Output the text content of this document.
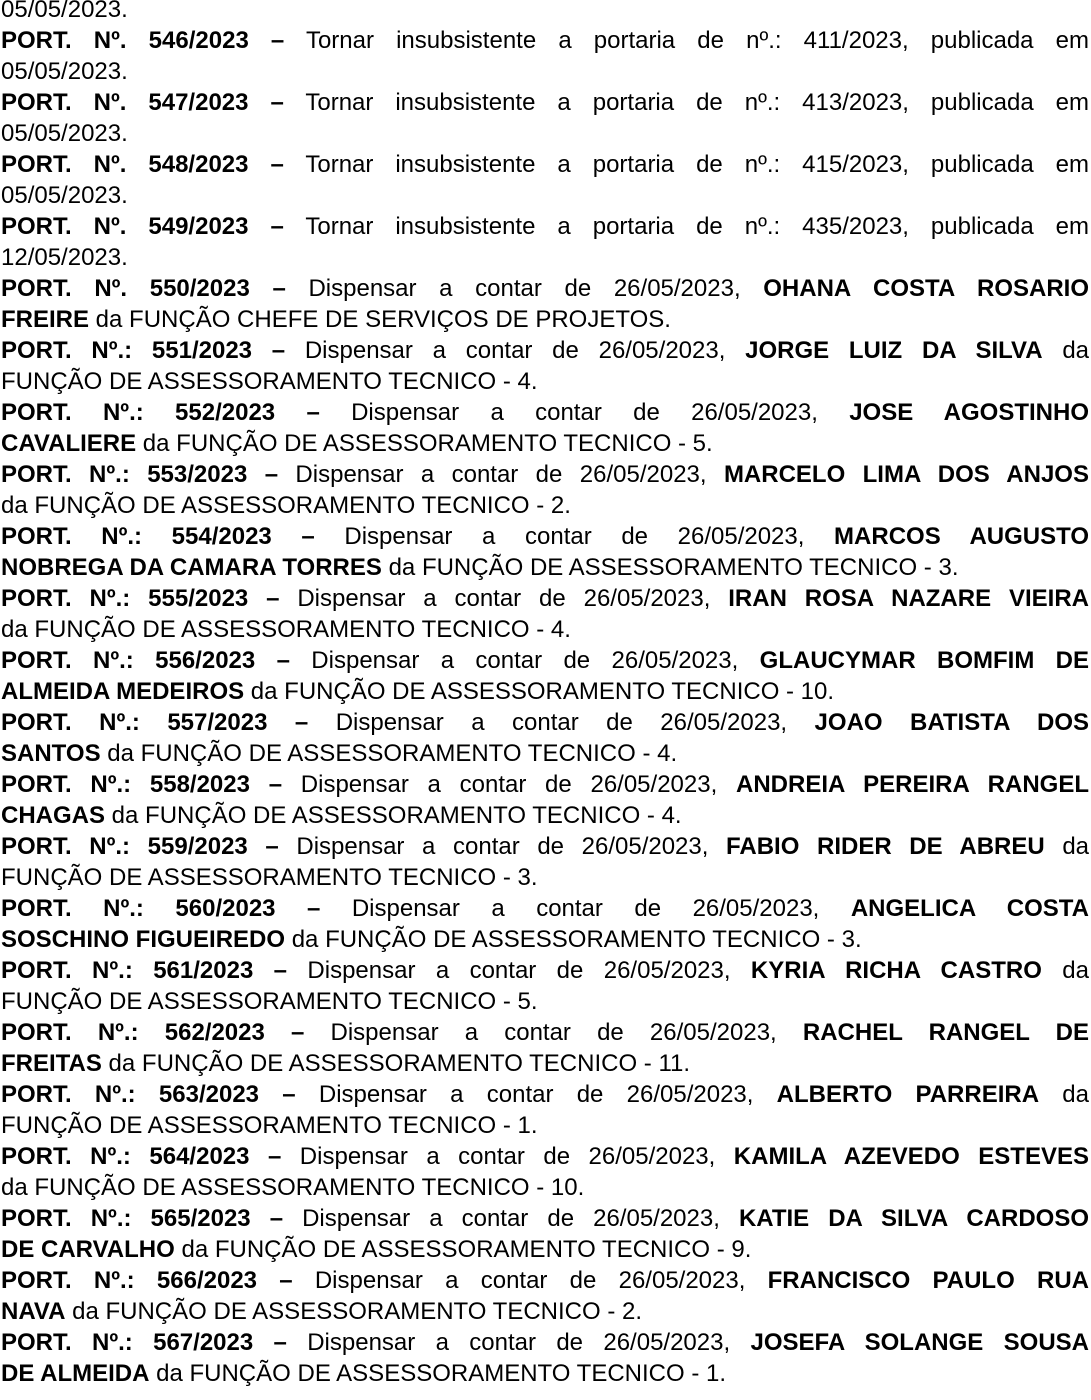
05/05/2023.
PORT. Nº. 546/2023 – Tornar insubsistente a portaria de nº.: 411/2023, publicada em
05/05/2023.
PORT. Nº. 547/2023 – Tornar insubsistente a portaria de nº.: 413/2023, publicada em
05/05/2023.
PORT. Nº. 548/2023 – Tornar insubsistente a portaria de nº.: 415/2023, publicada em
05/05/2023.
PORT. Nº. 549/2023 – Tornar insubsistente a portaria de nº.: 435/2023, publicada em
12/05/2023.
PORT. Nº. 550/2023 – Dispensar a contar de 26/05/2023, OHANA COSTA ROSARIO
FREIRE da FUNÇÃO CHEFE DE SERVIÇOS DE PROJETOS.
PORT. Nº.: 551/2023 – Dispensar a contar de 26/05/2023, JORGE LUIZ DA SILVA da
FUNÇÃO DE ASSESSORAMENTO TECNICO - 4.
PORT. Nº.: 552/2023 – Dispensar a contar de 26/05/2023, JOSE AGOSTINHO
CAVALIERE da FUNÇÃO DE ASSESSORAMENTO TECNICO - 5.
PORT. Nº.: 553/2023 – Dispensar a contar de 26/05/2023, MARCELO LIMA DOS ANJOS
da FUNÇÃO DE ASSESSORAMENTO TECNICO - 2.
PORT. Nº.: 554/2023 – Dispensar a contar de 26/05/2023, MARCOS AUGUSTO
NOBREGA DA CAMARA TORRES da FUNÇÃO DE ASSESSORAMENTO TECNICO - 3.
PORT. Nº.: 555/2023 – Dispensar a contar de 26/05/2023, IRAN ROSA NAZARE VIEIRA
da FUNÇÃO DE ASSESSORAMENTO TECNICO - 4.
PORT. Nº.: 556/2023 – Dispensar a contar de 26/05/2023, GLAUCYMAR BOMFIM DE
ALMEIDA MEDEIROS da FUNÇÃO DE ASSESSORAMENTO TECNICO - 10.
PORT. Nº.: 557/2023 – Dispensar a contar de 26/05/2023, JOAO BATISTA DOS
SANTOS da FUNÇÃO DE ASSESSORAMENTO TECNICO - 4.
PORT. Nº.: 558/2023 – Dispensar a contar de 26/05/2023, ANDREIA PEREIRA RANGEL
CHAGAS da FUNÇÃO DE ASSESSORAMENTO TECNICO - 4.
PORT. Nº.: 559/2023 – Dispensar a contar de 26/05/2023, FABIO RIDER DE ABREU da
FUNÇÃO DE ASSESSORAMENTO TECNICO - 3.
PORT. Nº.: 560/2023 – Dispensar a contar de 26/05/2023, ANGELICA COSTA
SOSCHINO FIGUEIREDO da FUNÇÃO DE ASSESSORAMENTO TECNICO - 3.
PORT. Nº.: 561/2023 – Dispensar a contar de 26/05/2023, KYRIA RICHA CASTRO da
FUNÇÃO DE ASSESSORAMENTO TECNICO - 5.
PORT. Nº.: 562/2023 – Dispensar a contar de 26/05/2023, RACHEL RANGEL DE
FREITAS da FUNÇÃO DE ASSESSORAMENTO TECNICO - 11.
PORT. Nº.: 563/2023 – Dispensar a contar de 26/05/2023, ALBERTO PARREIRA da
FUNÇÃO DE ASSESSORAMENTO TECNICO - 1.
PORT. Nº.: 564/2023 – Dispensar a contar de 26/05/2023, KAMILA AZEVEDO ESTEVES
da FUNÇÃO DE ASSESSORAMENTO TECNICO - 10.
PORT. Nº.: 565/2023 – Dispensar a contar de 26/05/2023, KATIE DA SILVA CARDOSO
DE CARVALHO da FUNÇÃO DE ASSESSORAMENTO TECNICO - 9.
PORT. Nº.: 566/2023 – Dispensar a contar de 26/05/2023, FRANCISCO PAULO RUA
NAVA da FUNÇÃO DE ASSESSORAMENTO TECNICO - 2.
PORT. Nº.: 567/2023 – Dispensar a contar de 26/05/2023, JOSEFA SOLANGE SOUSA
DE ALMEIDA da FUNÇÃO DE ASSESSORAMENTO TECNICO - 1.
